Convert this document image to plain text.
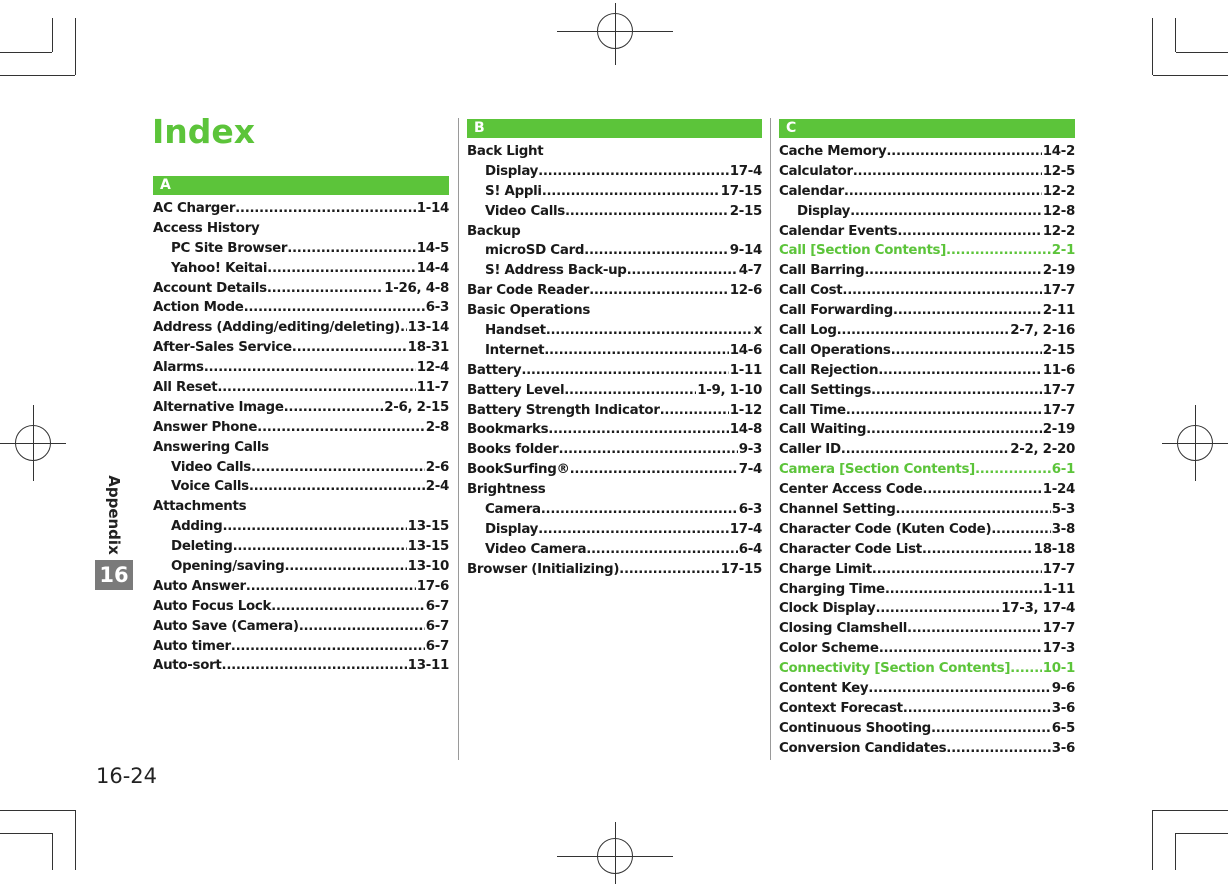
Index
Appendix
16
16-24
A
AC Charger .....	1-14
Access History
PC Site Browser .....	14-5
Yahoo! Keitai .....	14-4
Account Details .....	1-26, 4-8
Action Mode .....	6-3
Address (Adding/editing/deleting) ..... 13-14
After-Sales Service .....	18-31
Alarms .....	12-4
All Reset .....	11-7
Alternative Image .....	2-6, 2-15
Answer Phone .....	2-8
Answering Calls
Video Calls .....	2-6
Voice Calls .....	2-4
Attachments
Adding .....	13-15
Deleting .....	13-15
Opening/saving .....	13-10
Auto Answer .....	17-6
Auto Focus Lock .....	6-7
Auto Save (Camera) .....	6-7
Auto timer .....	6-7
Auto-sort .....	13-11
B
Back Light
Display .....	17-4
S! Appli .....	17-15
Video Calls .....	2-15
Backup
microSD Card .....	9-14
S! Address Back-up .....	4-7
Bar Code Reader .....	12-6
Basic Operations
Handset .....	x
Internet .....	14-6
Battery .....	1-11
Battery Level .....	1-9, 1-10
Battery Strength Indicator .....	1-12
Bookmarks .....	14-8
Books folder .....	9-3
BookSurfing® .....	7-4
Brightness
Camera .....	6-3
Display .....	17-4
Video Camera .....	6-4
Browser (Initializing) .....	17-15
C
Cache Memory .....	14-2
Calculator .....	12-5
Calendar .....	12-2
Display .....	12-8
Calendar Events .....	12-2
Call [Section Contents] .....	2-1
Call Barring .....	2-19
Call Cost .....	17-7
Call Forwarding .....	2-11
Call Log .....	2-7, 2-16
Call Operations .....	2-15
Call Rejection .....	11-6
Call Settings .....	17-7
Call Time .....	17-7
Call Waiting .....	2-19
Caller ID .....	2-2, 2-20
Camera [Section Contents] .....	6-1
Center Access Code .....	1-24
Channel Setting .....	5-3
Character Code (Kuten Code) .....	3-8
Character Code List .....	18-18
Charge Limit .....	17-7
Charging Time .....	1-11
Clock Display .....	17-3, 17-4
Closing Clamshell .....	17-7
Color Scheme .....	17-3
Connectivity [Section Contents] ..... 10-1
Content Key .....	9-6
Context Forecast .....	3-6
Continuous Shooting .....	6-5
Conversion Candidates .....	3-6
